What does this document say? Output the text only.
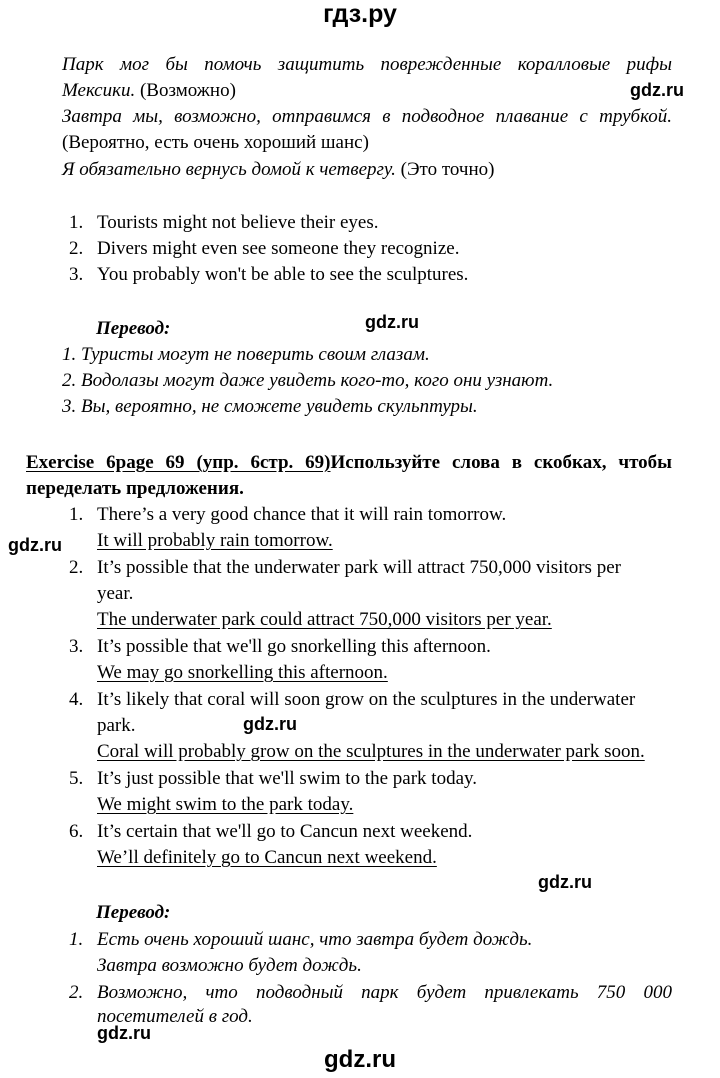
гдз.ру
Парк мог бы помочь защитить поврежденные коралловые рифы
Мексики. (Возможно)
Завтра мы, возможно, отправимся в подводное плавание с трубкой.
(Вероятно, есть очень хороший шанс)
Я обязательно вернусь домой к четвергу. (Это точно)
gdz.ru
1. Tourists might not believe their eyes.
2. Divers might even see someone they recognize.
3. You probably won't be able to see the sculptures.
Перевод:	gdz.ru
1. Туристы могут не поверить своим глазам.
2. Водолазы могут даже увидеть кого-то, кого они узнают.
3. Вы, вероятно, не сможете увидеть скульптуры.
Exercise 6page 69 (упр. 6стр. 69)Используйте слова в скобках, чтобы
переделать предложения.
gdz.ru
1. There’s a very good chance that it will rain tomorrow.
It will probably rain tomorrow.
2. It’s possible that the underwater park will attract 750,000 visitors per
year.
The underwater park could attract 750,000 visitors per year.
3. It’s possible that we'll go snorkelling this afternoon.
We may go snorkelling this afternoon.
4. It’s likely that coral will soon grow on the sculptures in the underwater
park.	gdz.ru
Coral will probably grow on the sculptures in the underwater park soon.
5. It’s just possible that we'll swim to the park today.
We might swim to the park today.
6. It’s certain that we'll go to Cancun next weekend.
We’ll definitely go to Cancun next weekend.
gdz.ru
Перевод:
1. Есть очень хороший шанс, что завтра будет дождь.
Завтра возможно будет дождь.
2. Возможно, что подводный парк будет привлекать 750 000
посетителей в год.
gdz.ru
gdz.ru
